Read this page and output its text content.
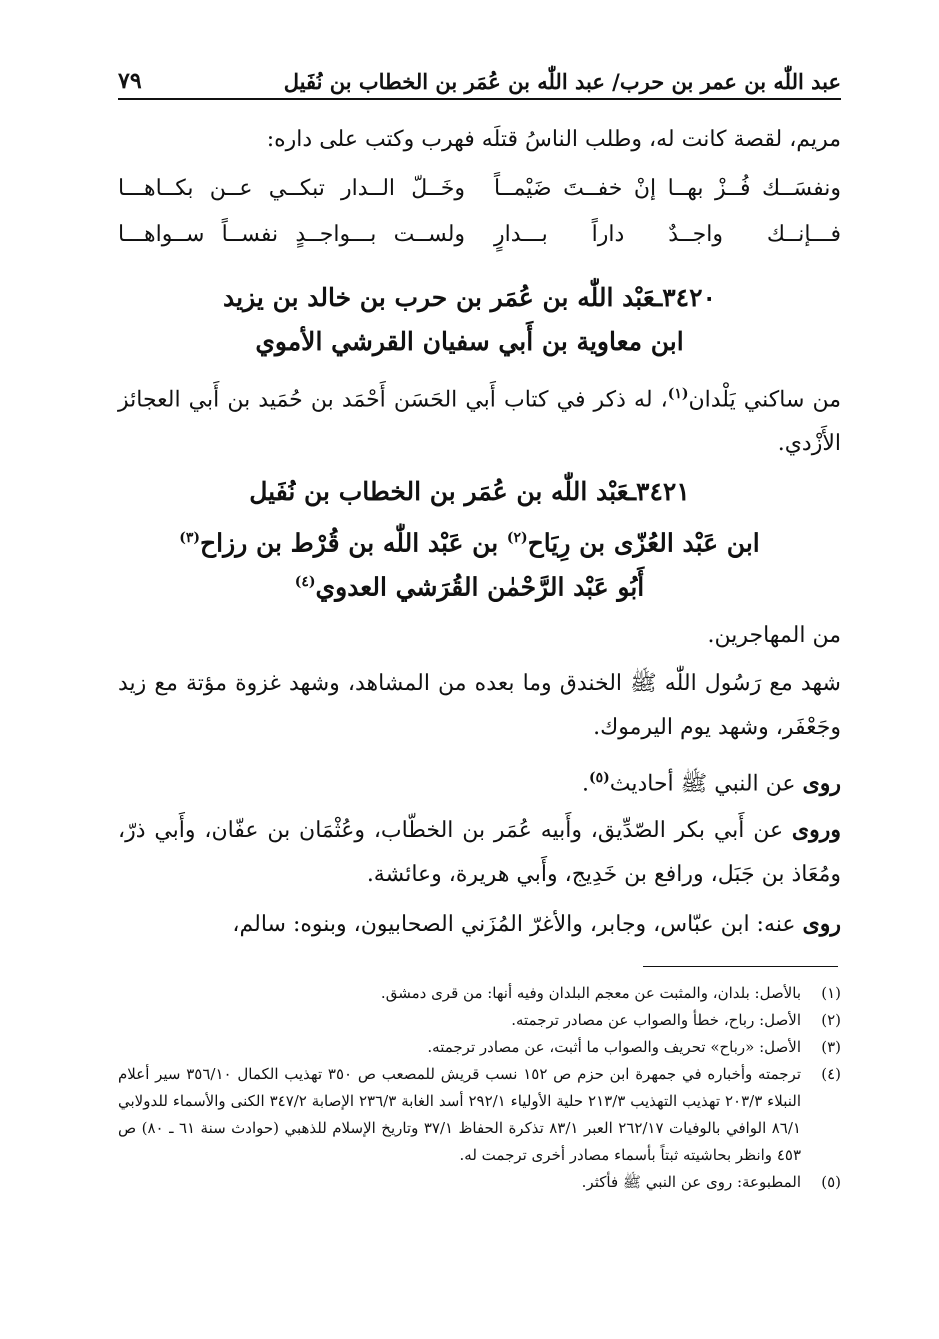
عبد اللّٰه بن عمر بن حرب/ عبد اللّٰه بن عُمَر بن الخطاب بن نُفَيل
٧٩
مريم، لقصة كانت له، وطلب الناسُ قتلَه فهرب وكتب على داره:
ونفسَــك فُــزْ بهــا إنْ خفــتَ ضَيْمــاً
وخَــلّ الــدار تبكــي عــن بكــاهـــا
فـــإنــك واجــدٌ داراً بـــدارٍ
ولســت بـــواجــدٍ نفســاً ســواهـــا
٣٤٢٠ـعَبْد اللّٰه بن عُمَر بن حرب بن خالد بن يزيد
ابن معاوية بن أَبي سفيان القرشي الأموي
من ساكني يَلْدان$^{(١)}$، له ذكر في كتاب أَبي الحَسَن أَحْمَد بن حُمَيد بن أَبي العجائز الأَزْدي.
٣٤٢١ـعَبْد اللّٰه بن عُمَر بن الخطاب بن نُفَيل
ابن عَبْد العُزّى بن رِيَاح$^{(٢)}$ بن عَبْد اللّٰه بن قُرْط بن رزاح$^{(٣)}$
أَبُو عَبْد الرَّحْمٰن القُرَشي العدوي$^{(٤)}$
من المهاجرين.
شهد مع رَسُول اللّٰه ﷺ الخندق وما بعده من المشاهد، وشهد غزوة مؤتة مع زيد وجَعْفَر، وشهد يوم اليرموك.
روى عن النبي ﷺ أحاديث$^{(٥)}$.
وروى عن أَبي بكر الصّدِّيق، وأَبيه عُمَر بن الخطّاب، وعُثْمَان بن عفّان، وأَبي ذرّ، ومُعَاذ بن جَبَل، ورافع بن خَدِيج، وأَبي هريرة، وعائشة.
روى عنه: ابن عبّاس، وجابر، والأغرّ المُزَني الصحابيون، وبنوه: سالم،
(١)
بالأصل: بلدان، والمثبت عن معجم البلدان وفيه أنها: من قرى دمشق.
(٢)
الأصل: رباح، خطأ والصواب عن مصادر ترجمته.
(٣)
الأصل: «رباح» تحريف والصواب ما أثبت، عن مصادر ترجمته.
(٤)
ترجمته وأخباره في جمهرة ابن حزم ص ١٥٢ نسب قريش للمصعب ص ٣٥٠ تهذيب الكمال ٣٥٦/١٠ سير أعلام النبلاء ٢٠٣/٣ تهذيب التهذيب ٢١٣/٣ حلية الأولياء ٢٩٢/١ أسد الغابة ٢٣٦/٣ الإصابة ٣٤٧/٢ الكنى والأسماء للدولابي ٨٦/١ الوافي بالوفيات ٢٦٢/١٧ العبر ٨٣/١ تذكرة الحفاظ ٣٧/١ وتاريخ الإسلام للذهبي (حوادث سنة ٦١ ـ ٨٠) ص ٤٥٣ وانظر بحاشيته ثبتاً بأسماء مصادر أخرى ترجمت له.
(٥)
المطبوعة: روى عن النبي ﷺ فأكثر.
